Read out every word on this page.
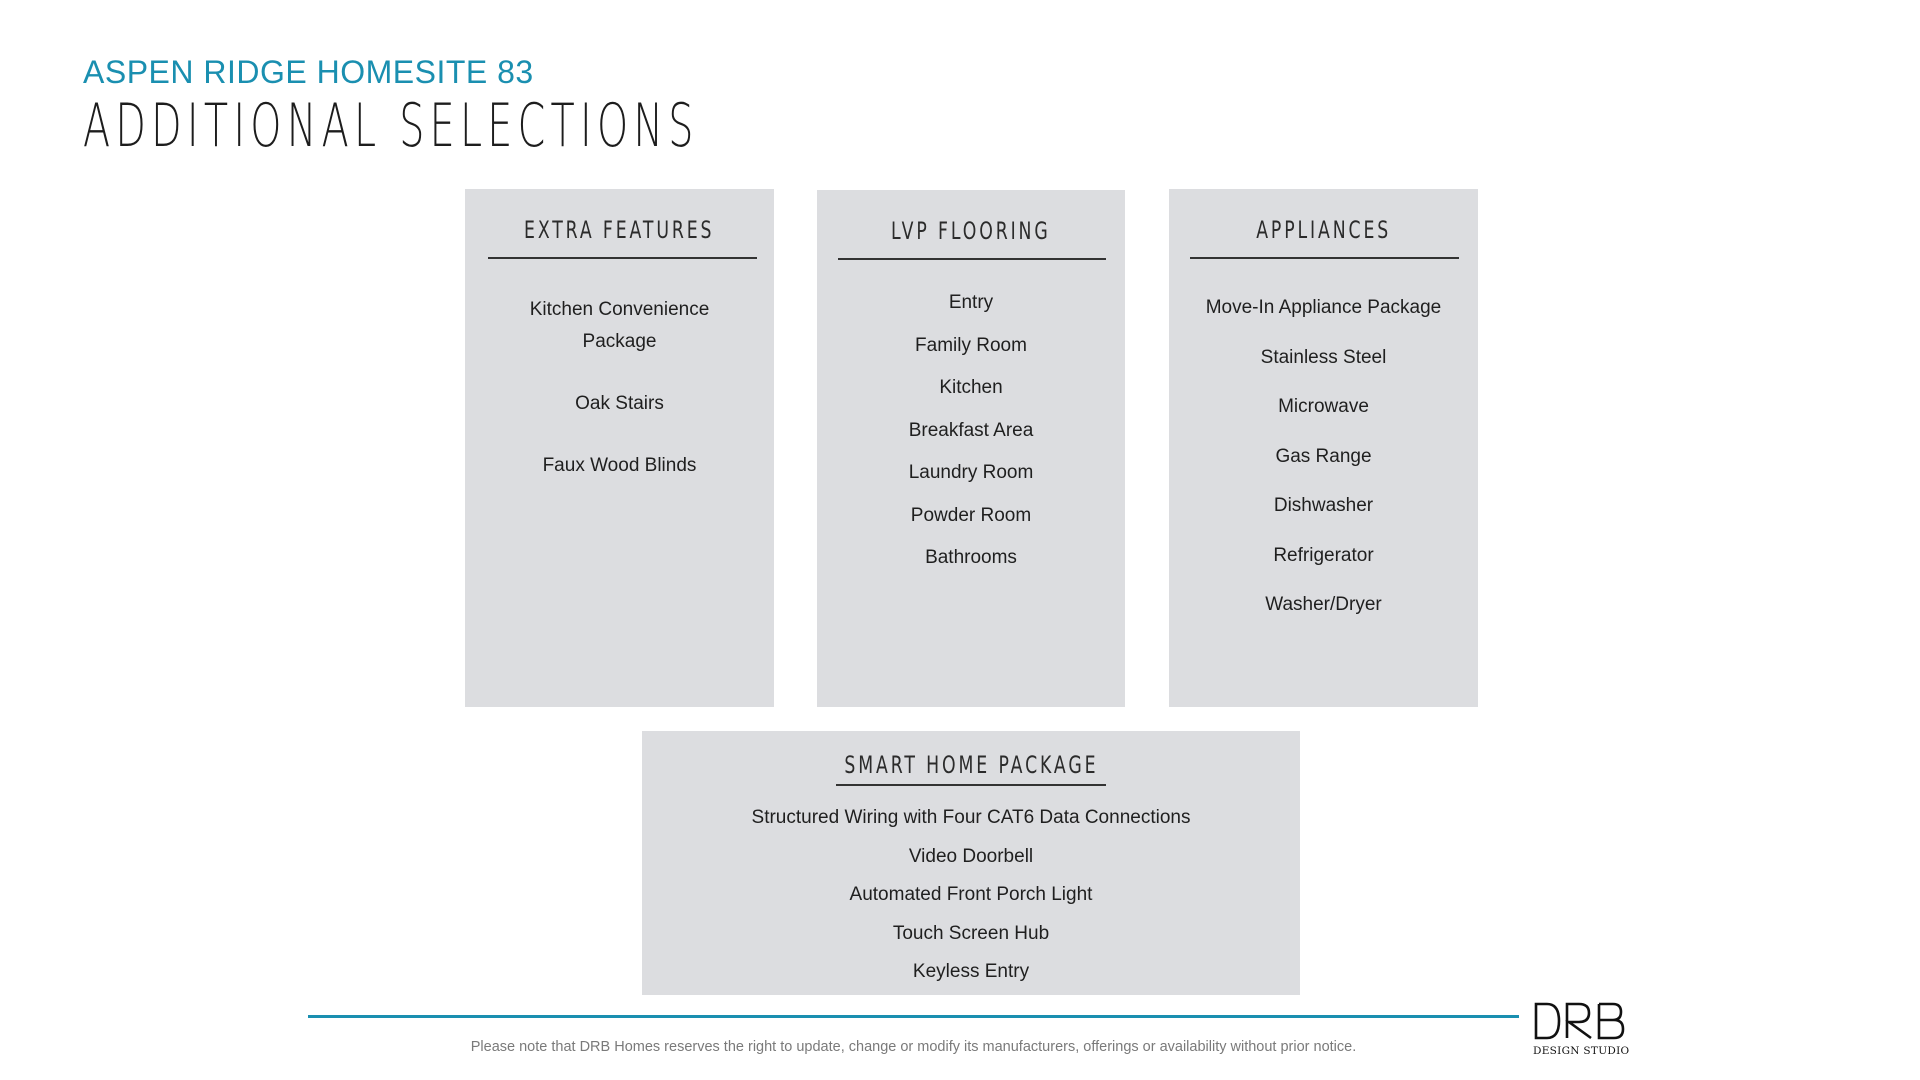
ASPEN RIDGE HOMESITE 83
ADDITIONAL SELECTIONS
EXTRA FEATURES
Kitchen Convenience Package
Oak Stairs
Faux Wood Blinds
LVP FLOORING
Entry
Family Room
Kitchen
Breakfast Area
Laundry Room
Powder Room
Bathrooms
APPLIANCES
Move-In Appliance Package
Stainless Steel
Microwave
Gas Range
Dishwasher
Refrigerator
Washer/Dryer
SMART HOME PACKAGE
Structured Wiring with Four CAT6 Data Connections
Video Doorbell
Automated Front Porch Light
Touch Screen Hub
Keyless Entry
Please note that DRB Homes reserves the right to update, change or modify its manufacturers, offerings or availability without prior notice.	DESIGN STUDIO
